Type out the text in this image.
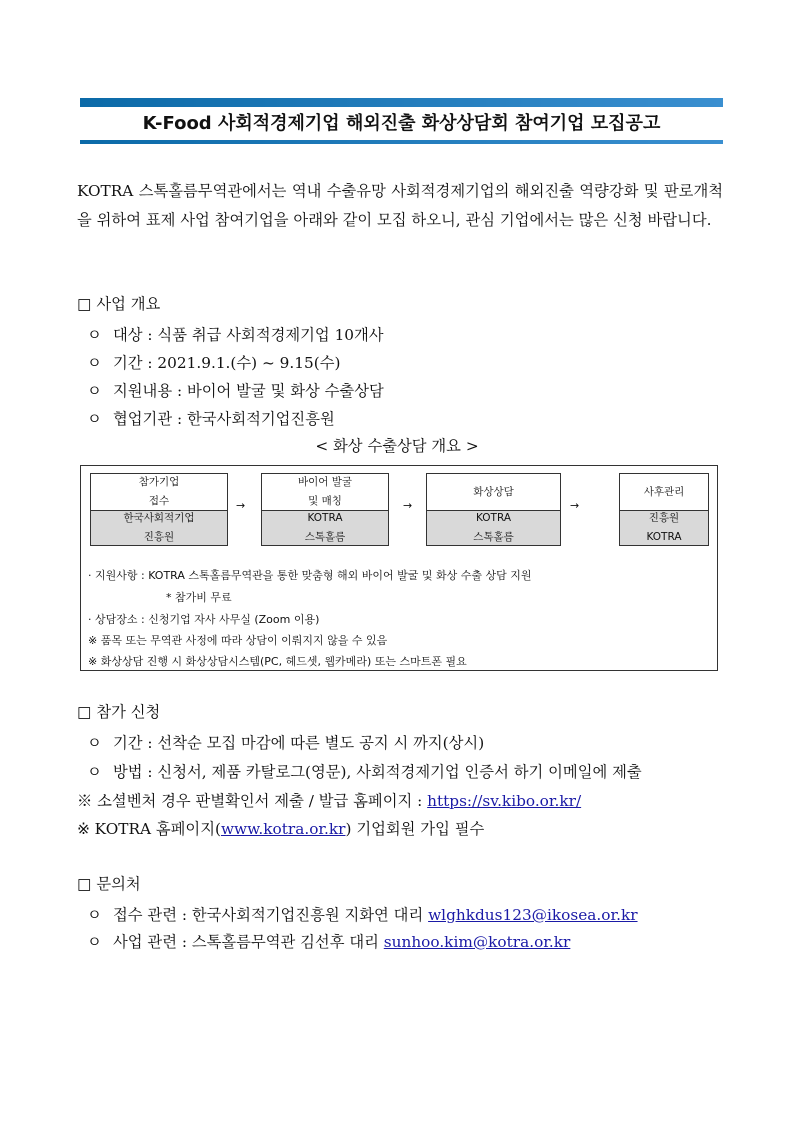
K-Food 사회적경제기업 해외진출 화상상담회 참여기업 모집공고
KOTRA 스톡홀름무역관에서는 역내 수출유망 사회적경제기업의 해외진출 역량강화 및 판로개척을 위하여 표제 사업 참여기업을 아래와 같이 모집 하오니, 관심 기업에서는 많은 신청 바랍니다.
□ 사업 개요
ㅇ 대상 : 식품 취급 사회적경제기업 10개사
ㅇ 기간 : 2021.9.1.(수) ~ 9.15(수)
ㅇ 지원내용 : 바이어 발굴 및 화상 수출상담
ㅇ 협업기관 : 한국사회적기업진흥원
< 화상 수출상담 개요 >
참가기업
접수
한국사회적기업
진흥원
→
바이어 발굴
및 매칭
KOTRA
스톡홀름
→
화상상담
KOTRA
스톡홀름
→
사후관리
진흥원
KOTRA
· 지원사항 : KOTRA 스톡홀름무역관을 통한 맞춤형 해외 바이어 발굴 및 화상 수출 상담 지원
* 참가비 무료
· 상담장소 : 신청기업 자사 사무실 (Zoom 이용)
※ 품목 또는 무역관 사정에 따라 상담이 이뤄지지 않을 수 있음
※ 화상상담 진행 시 화상상담시스템(PC, 헤드셋, 웹카메라) 또는 스마트폰 필요
□ 참가 신청
ㅇ 기간 : 선착순 모집 마감에 따른 별도 공지 시 까지(상시)
ㅇ 방법 : 신청서, 제품 카탈로그(영문), 사회적경제기업 인증서 하기 이메일에 제출
※ 소셜벤처 경우 판별확인서 제출 / 발급 홈페이지 : https://sv.kibo.or.kr/
※ KOTRA 홈페이지(www.kotra.or.kr) 기업회원 가입 필수
□ 문의처
ㅇ 접수 관련 : 한국사회적기업진흥원 지화연 대리 wlghkdus123@ikosea.or.kr
ㅇ 사업 관련 : 스톡홀름무역관 김선후 대리 sunhoo.kim@kotra.or.kr
